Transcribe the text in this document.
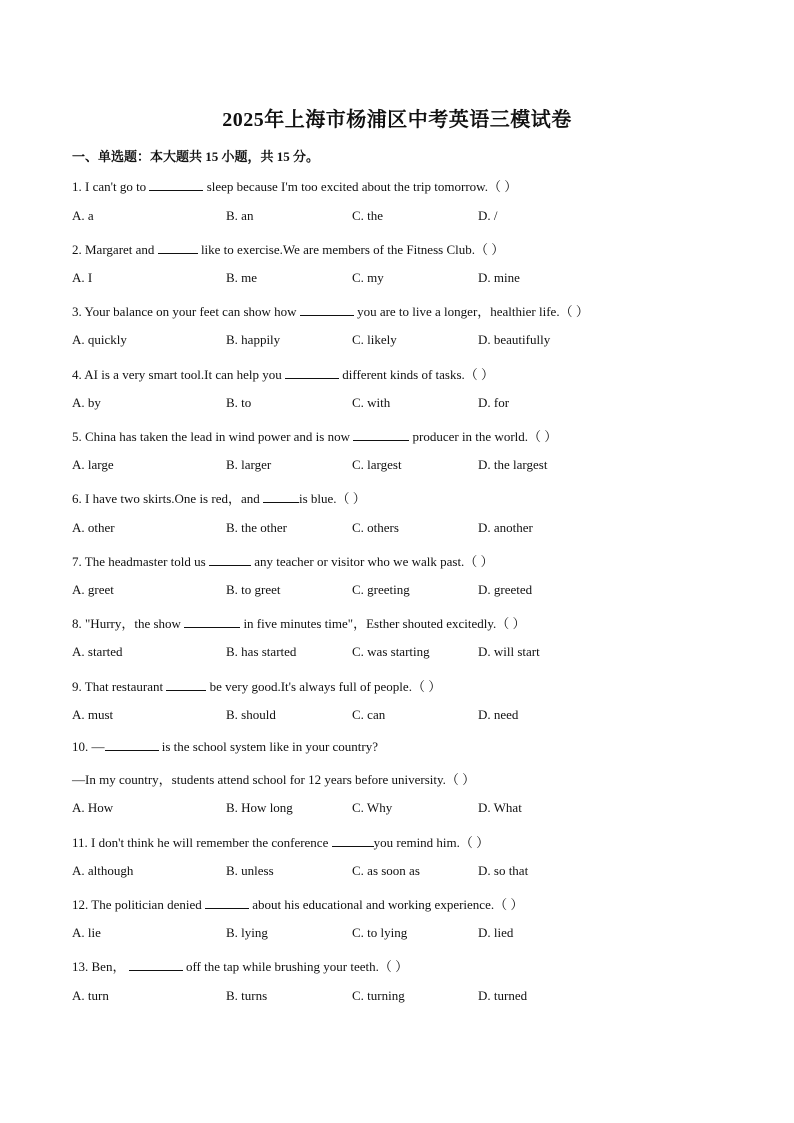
2025年上海市杨浦区中考英语三模试卷
一、单选题：本大题共 15 小题，共 15 分。
1. I can't go to	sleep because I'm too excited about the trip tomorrow.（ ）
A. a	B. an	C. the	D. /
2. Margaret and	like to exercise.We are members of the Fitness Club.（ ）
A. I	B. me	C. my	D. mine
3. Your balance on your feet can show how	you are to live a longer，healthier life.（ ）
A. quickly	B. happily	C. likely	D. beautifully
4. AI is a very smart tool.It can help you	different kinds of tasks.（ ）
A. by	B. to	C. with	D. for
5. China has taken the lead in wind power and is now	producer in the world.（ ）
A. large	B. larger	C. largest	D. the largest
6. I have two skirts.One is red，and	is blue.（ ）
A. other	B. the other	C. others	D. another
7. The headmaster told us	any teacher or visitor who we walk past.（ ）
A. greet	B. to greet	C. greeting	D. greeted
8. "Hurry，the show	in five minutes time"，Esther shouted excitedly.（ ）
A. started	B. has started	C. was starting	D. will start
9. That restaurant	be very good.It's always full of people.（ ）
A. must	B. should	C. can	D. need
10. —	is the school system like in your country?
—In my country，students attend school for 12 years before university.（ ）
A. How	B. How long	C. Why	D. What
11. I don't think he will remember the conference	you remind him.（ ）
A. although	B. unless	C. as soon as	D. so that
12. The politician denied	about his educational and working experience.（ ）
A. lie	B. lying	C. to lying	D. lied
13. Ben，	off the tap while brushing your teeth.（ ）
A. turn	B. turns	C. turning	D. turned
